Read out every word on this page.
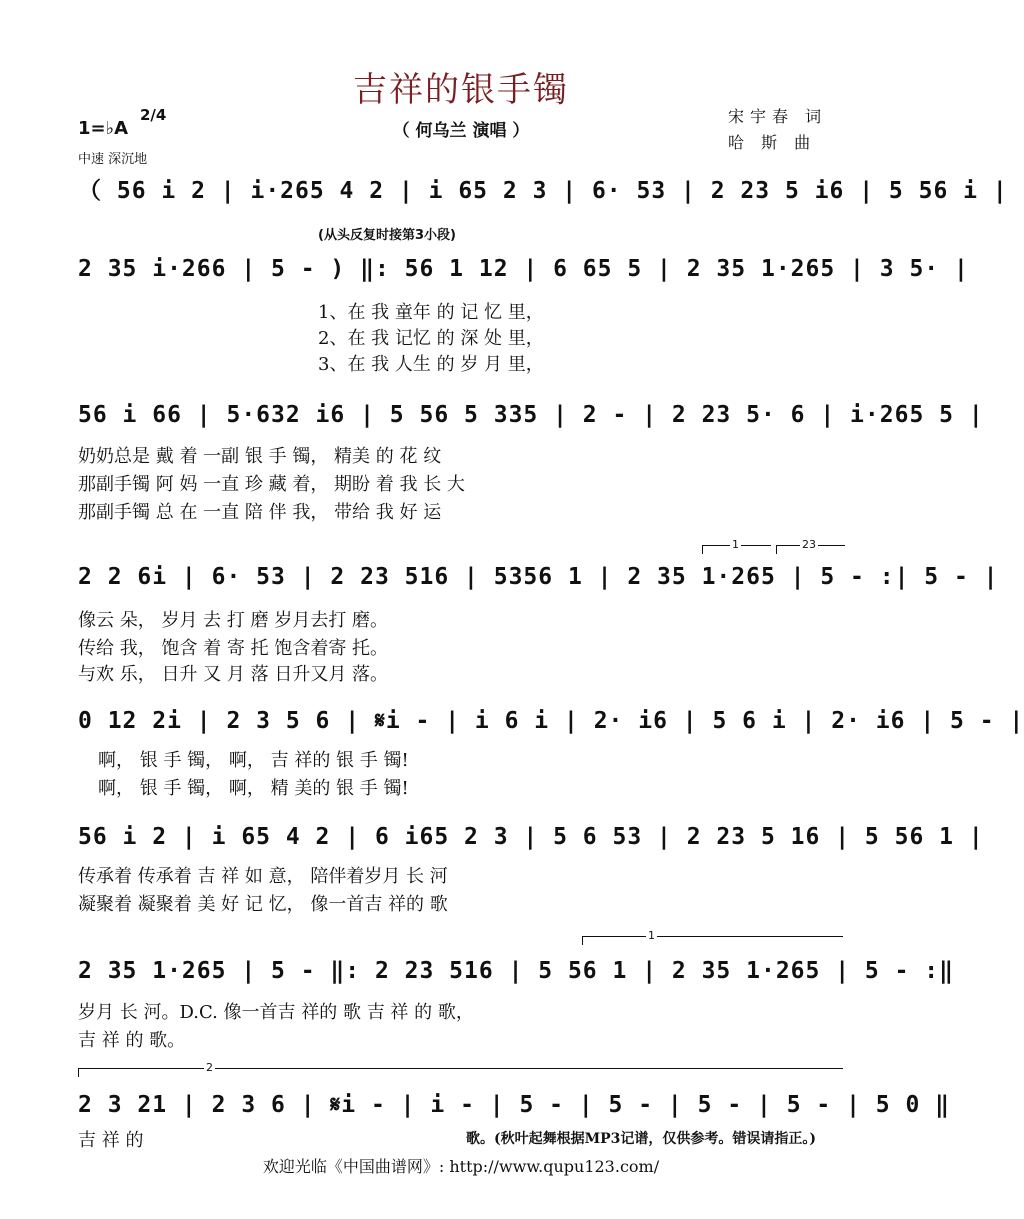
吉祥的银手镯
（ 何乌兰 演唱 ）
宋宇春 词
哈 斯 曲
1=♭A
2/4
中速 深沉地
（ 56 i 2 | i·265 4 2 | i 65 2 3 | 6· 53 | 2 23 5 i6 | 5 56 i |
(从头反复时接第3小段)
2 35 i·266 | 5 - ) ‖: 56 1 12 | 6 65 5 | 2 35 1·265 | 3 5· |
1、在 我 童年 的 记 忆 里，
2、在 我 记忆 的 深 处 里，
3、在 我 人生 的 岁 月 里，
56 i 66 | 5·632 i6 | 5 56 5 335 | 2 - | 2 23 5· 6 | i·265 5 |
奶奶总是 戴 着 一副 银 手 镯， 精美 的 花 纹
那副手镯 阿 妈 一直 珍 藏 着， 期盼 着 我 长 大
那副手镯 总 在 一直 陪 伴 我， 带给 我 好 运
1	23
2 2 6i | 6· 53 | 2 23 516 | 5356 1 | 2 35 1·265 | 5 - :| 5 - |
像云 朵， 岁月 去 打 磨 岁月去打 磨。
传给 我， 饱含 着 寄 托 饱含着寄 托。
与欢 乐， 日升 又 月 落 日升又月 落。
0 12 2i | 2 3 5 6 | 𝄋i - | i 6 i | 2· i6 | 5 6 i | 2· i6 | 5 - |
啊， 银 手 镯， 啊， 吉 祥的 银 手 镯!
啊， 银 手 镯， 啊， 精 美的 银 手 镯!
56 i 2 | i 65 4 2 | 6 i65 2 3 | 5 6 53 | 2 23 5 16 | 5 56 1 |
传承着 传承着 吉 祥 如 意， 陪伴着岁月 长 河
凝聚着 凝聚着 美 好 记 忆， 像一首吉 祥的 歌
1
2 35 1·265 | 5 - ‖: 2 23 516 | 5 56 1 | 2 35 1·265 | 5 - :‖
岁月 长 河。D.C. 像一首吉 祥的 歌 吉 祥 的 歌，
吉 祥 的 歌。
2
2 3 21 | 2 3 6 | 𝄋i - | i - | 5 - | 5 - | 5 - | 5 - | 5 0 ‖
吉 祥 的	歌。(秋叶起舞根据MP3记谱，仅供参考。错误请指正。)
欢迎光临《中国曲谱网》: http://www.qupu123.com/
